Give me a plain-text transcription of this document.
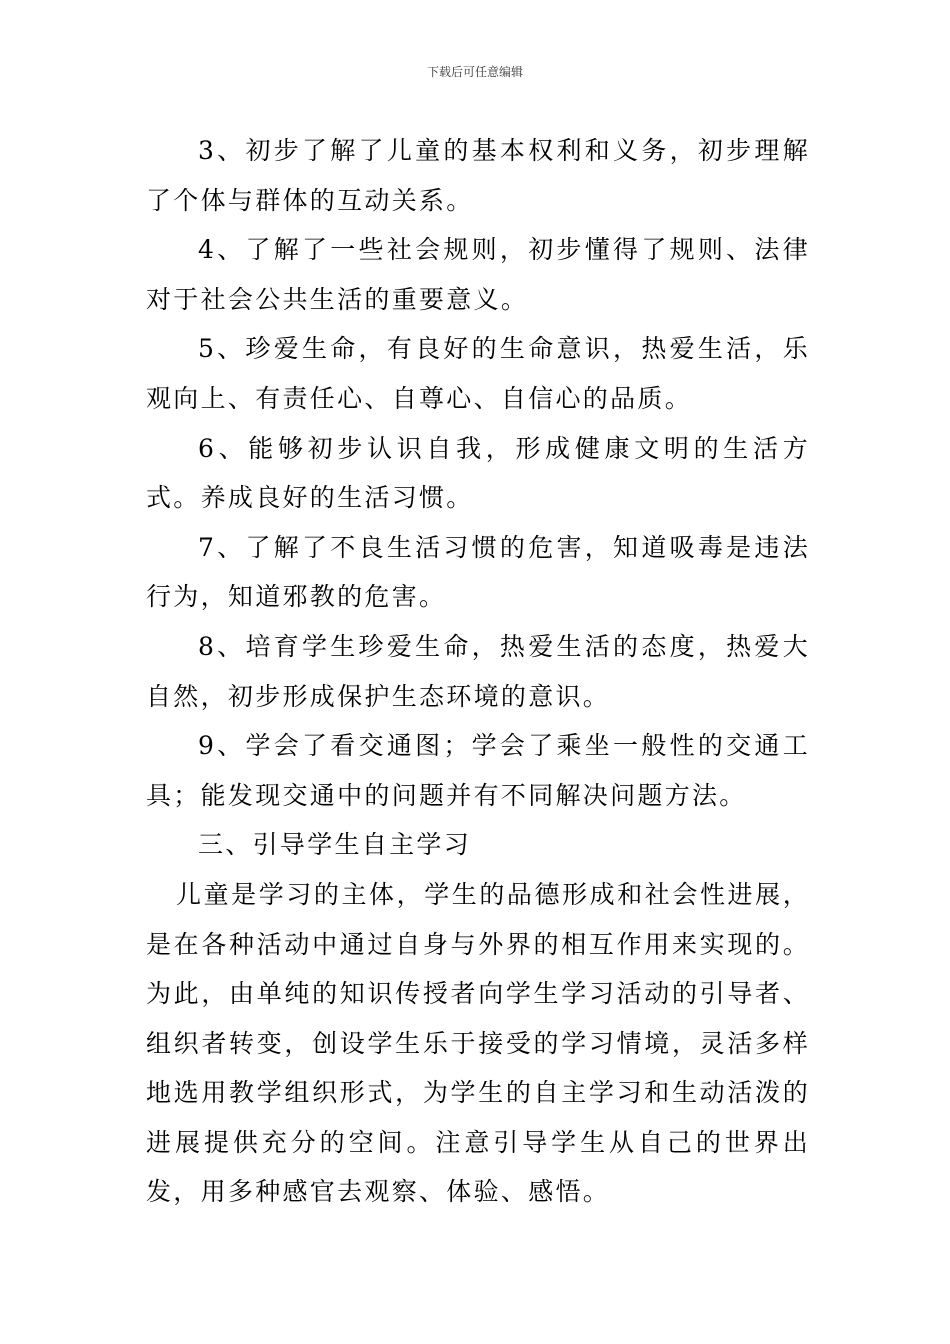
下载后可任意编辑

3、初步了解了儿童的基本权利和义务，初步理解了个体与群体的互动关系。

4、了解了一些社会规则，初步懂得了规则、法律对于社会公共生活的重要意义。

5、珍爱生命，有良好的生命意识，热爱生活，乐观向上、有责任心、自尊心、自信心的品质。

6、能够初步认识自我，形成健康文明的生活方式。养成良好的生活习惯。

7、了解了不良生活习惯的危害，知道吸毒是违法行为，知道邪教的危害。

8、培育学生珍爱生命，热爱生活的态度，热爱大自然，初步形成保护生态环境的意识。

9、学会了看交通图；学会了乘坐一般性的交通工具；能发现交通中的问题并有不同解决问题方法。

三、引导学生自主学习

儿童是学习的主体，学生的品德形成和社会性进展，是在各种活动中通过自身与外界的相互作用来实现的。为此，由单纯的知识传授者向学生学习活动的引导者、组织者转变，创设学生乐于接受的学习情境，灵活多样地选用教学组织形式，为学生的自主学习和生动活泼的进展提供充分的空间。注意引导学生从自己的世界出发，用多种感官去观察、体验、感悟。
